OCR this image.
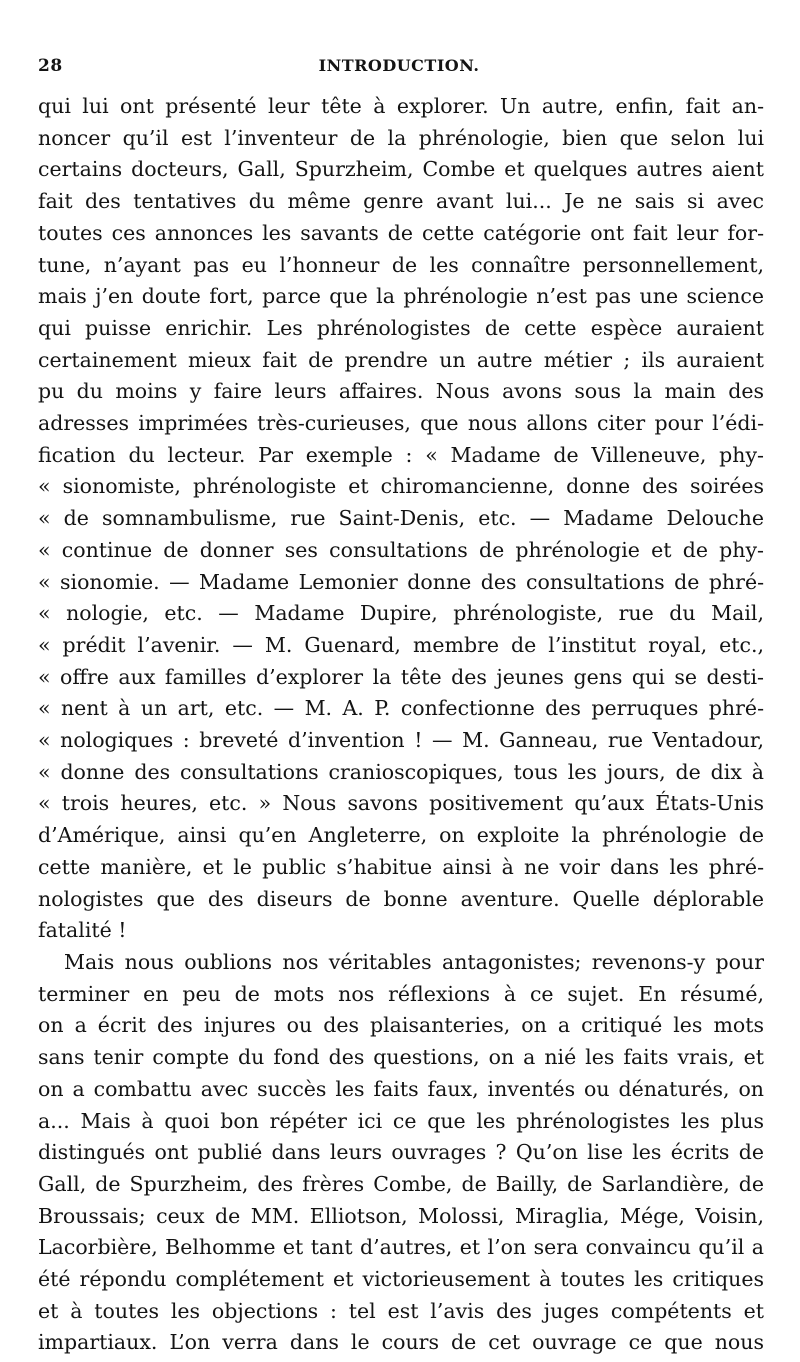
28	INTRODUCTION.

qui lui ont présenté leur tête à explorer. Un autre, enfin, fait an-
noncer qu’il est l’inventeur de la phrénologie, bien que selon lui
certains docteurs, Gall, Spurzheim, Combe et quelques autres aient
fait des tentatives du même genre avant lui... Je ne sais si avec
toutes ces annonces les savants de cette catégorie ont fait leur for-
tune, n’ayant pas eu l’honneur de les connaître personnellement,
mais j’en doute fort, parce que la phrénologie n’est pas une science
qui puisse enrichir. Les phrénologistes de cette espèce auraient
certainement mieux fait de prendre un autre métier ; ils auraient
pu du moins y faire leurs affaires. Nous avons sous la main des
adresses imprimées très-curieuses, que nous allons citer pour l’édi-
fication du lecteur. Par exemple : « Madame de Villeneuve, phy-
« sionomiste, phrénologiste et chiromancienne, donne des soirées
« de somnambulisme, rue Saint-Denis, etc. — Madame Delouche
« continue de donner ses consultations de phrénologie et de phy-
« sionomie. — Madame Lemonier donne des consultations de phré-
« nologie, etc. — Madame Dupire, phrénologiste, rue du Mail,
« prédit l’avenir. — M. Guenard, membre de l’institut royal, etc.,
« offre aux familles d’explorer la tête des jeunes gens qui se desti-
« nent à un art, etc. — M. A. P. confectionne des perruques phré-
« nologiques : breveté d’invention ! — M. Ganneau, rue Ventadour,
« donne des consultations cranioscopiques, tous les jours, de dix à
« trois heures, etc. » Nous savons positivement qu’aux États-Unis
d’Amérique, ainsi qu’en Angleterre, on exploite la phrénologie de
cette manière, et le public s’habitue ainsi à ne voir dans les phré-
nologistes que des diseurs de bonne aventure. Quelle déplorable
fatalité !

Mais nous oublions nos véritables antagonistes; revenons-y pour
terminer en peu de mots nos réflexions à ce sujet. En résumé,
on a écrit des injures ou des plaisanteries, on a critiqué les mots
sans tenir compte du fond des questions, on a nié les faits vrais, et
on a combattu avec succès les faits faux, inventés ou dénaturés, on
a... Mais à quoi bon répéter ici ce que les phrénologistes les plus
distingués ont publié dans leurs ouvrages ? Qu’on lise les écrits de
Gall, de Spurzheim, des frères Combe, de Bailly, de Sarlandière, de
Broussais; ceux de MM. Elliotson, Molossi, Miraglia, Mége, Voisin,
Lacorbière, Belhomme et tant d’autres, et l’on sera convaincu qu’il a
été répondu complétement et victorieusement à toutes les critiques
et à toutes les objections : tel est l’avis des juges compétents et
impartiaux. L’on verra dans le cours de cet ouvrage ce que nous
